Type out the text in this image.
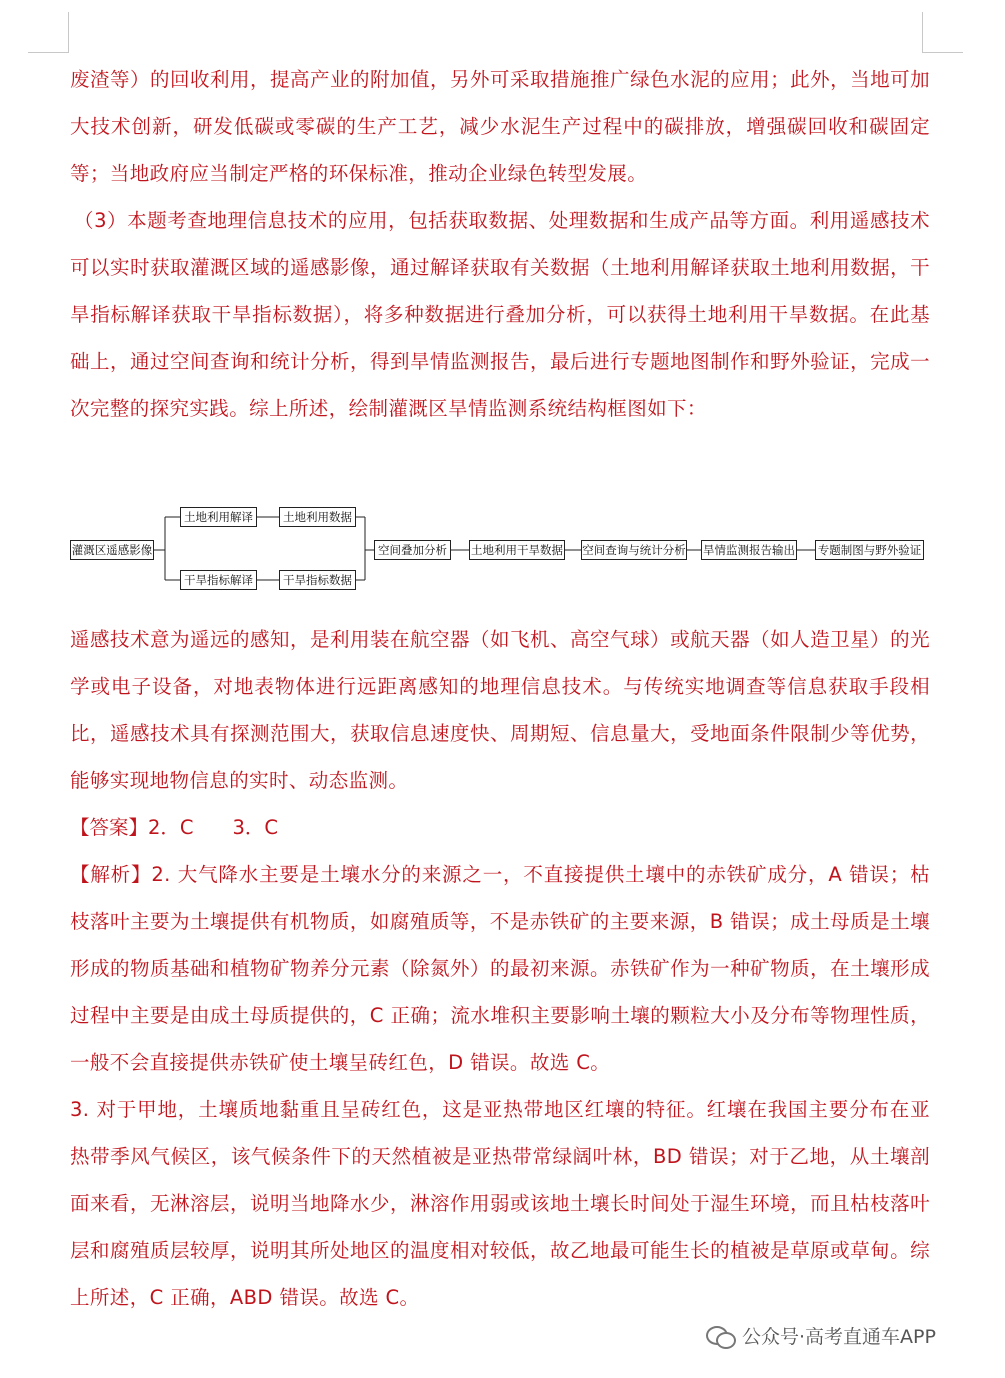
废渣等）的回收利用，提高产业的附加值，另外可采取措施推广绿色水泥的应用；此外，当地可加大技术创新，研发低碳或零碳的生产工艺，减少水泥生产过程中的碳排放，增强碳回收和碳固定等；当地政府应当制定严格的环保标准，推动企业绿色转型发展。

（3）本题考查地理信息技术的应用，包括获取数据、处理数据和生成产品等方面。利用遥感技术可以实时获取灌溉区域的遥感影像，通过解译获取有关数据（土地利用解译获取土地利用数据，干旱指标解译获取干旱指标数据），将多种数据进行叠加分析，可以获得土地利用干旱数据。在此基础上，通过空间查询和统计分析，得到旱情监测报告，最后进行专题地图制作和野外验证，完成一次完整的探究实践。综上所述，绘制灌溉区旱情监测系统结构框图如下：

灌溉区遥感影像
土地利用解译	土地利用数据
干旱指标解译	干旱指标数据
空间叠加分析	土地利用干旱数据 空间查询与统计分析 旱情监测报告输出 专题制图与野外验证

遥感技术意为遥远的感知，是利用装在航空器（如飞机、高空气球）或航天器（如人造卫星）的光学或电子设备，对地表物体进行远距离感知的地理信息技术。与传统实地调查等信息获取手段相比，遥感技术具有探测范围大，获取信息速度快、周期短、信息量大，受地面条件限制少等优势，能够实现地物信息的实时、动态监测。

【答案】2．C　　3．C

【解析】2. 大气降水主要是土壤水分的来源之一，不直接提供土壤中的赤铁矿成分，A 错误；枯枝落叶主要为土壤提供有机物质，如腐殖质等，不是赤铁矿的主要来源，B 错误；成土母质是土壤形成的物质基础和植物矿物养分元素（除氮外）的最初来源。赤铁矿作为一种矿物质，在土壤形成过程中主要是由成土母质提供的，C 正确；流水堆积主要影响土壤的颗粒大小及分布等物理性质，一般不会直接提供赤铁矿使土壤呈砖红色，D 错误。故选 C。

3. 对于甲地，土壤质地黏重且呈砖红色，这是亚热带地区红壤的特征。红壤在我国主要分布在亚热带季风气候区，该气候条件下的天然植被是亚热带常绿阔叶林，BD 错误；对于乙地，从土壤剖面来看，无淋溶层，说明当地降水少，淋溶作用弱或该地土壤长时间处于湿生环境，而且枯枝落叶层和腐殖质层较厚，说明其所处地区的温度相对较低，故乙地最可能生长的植被是草原或草甸。综上所述，C 正确，ABD 错误。故选 C。

公众号·高考直通车APP
